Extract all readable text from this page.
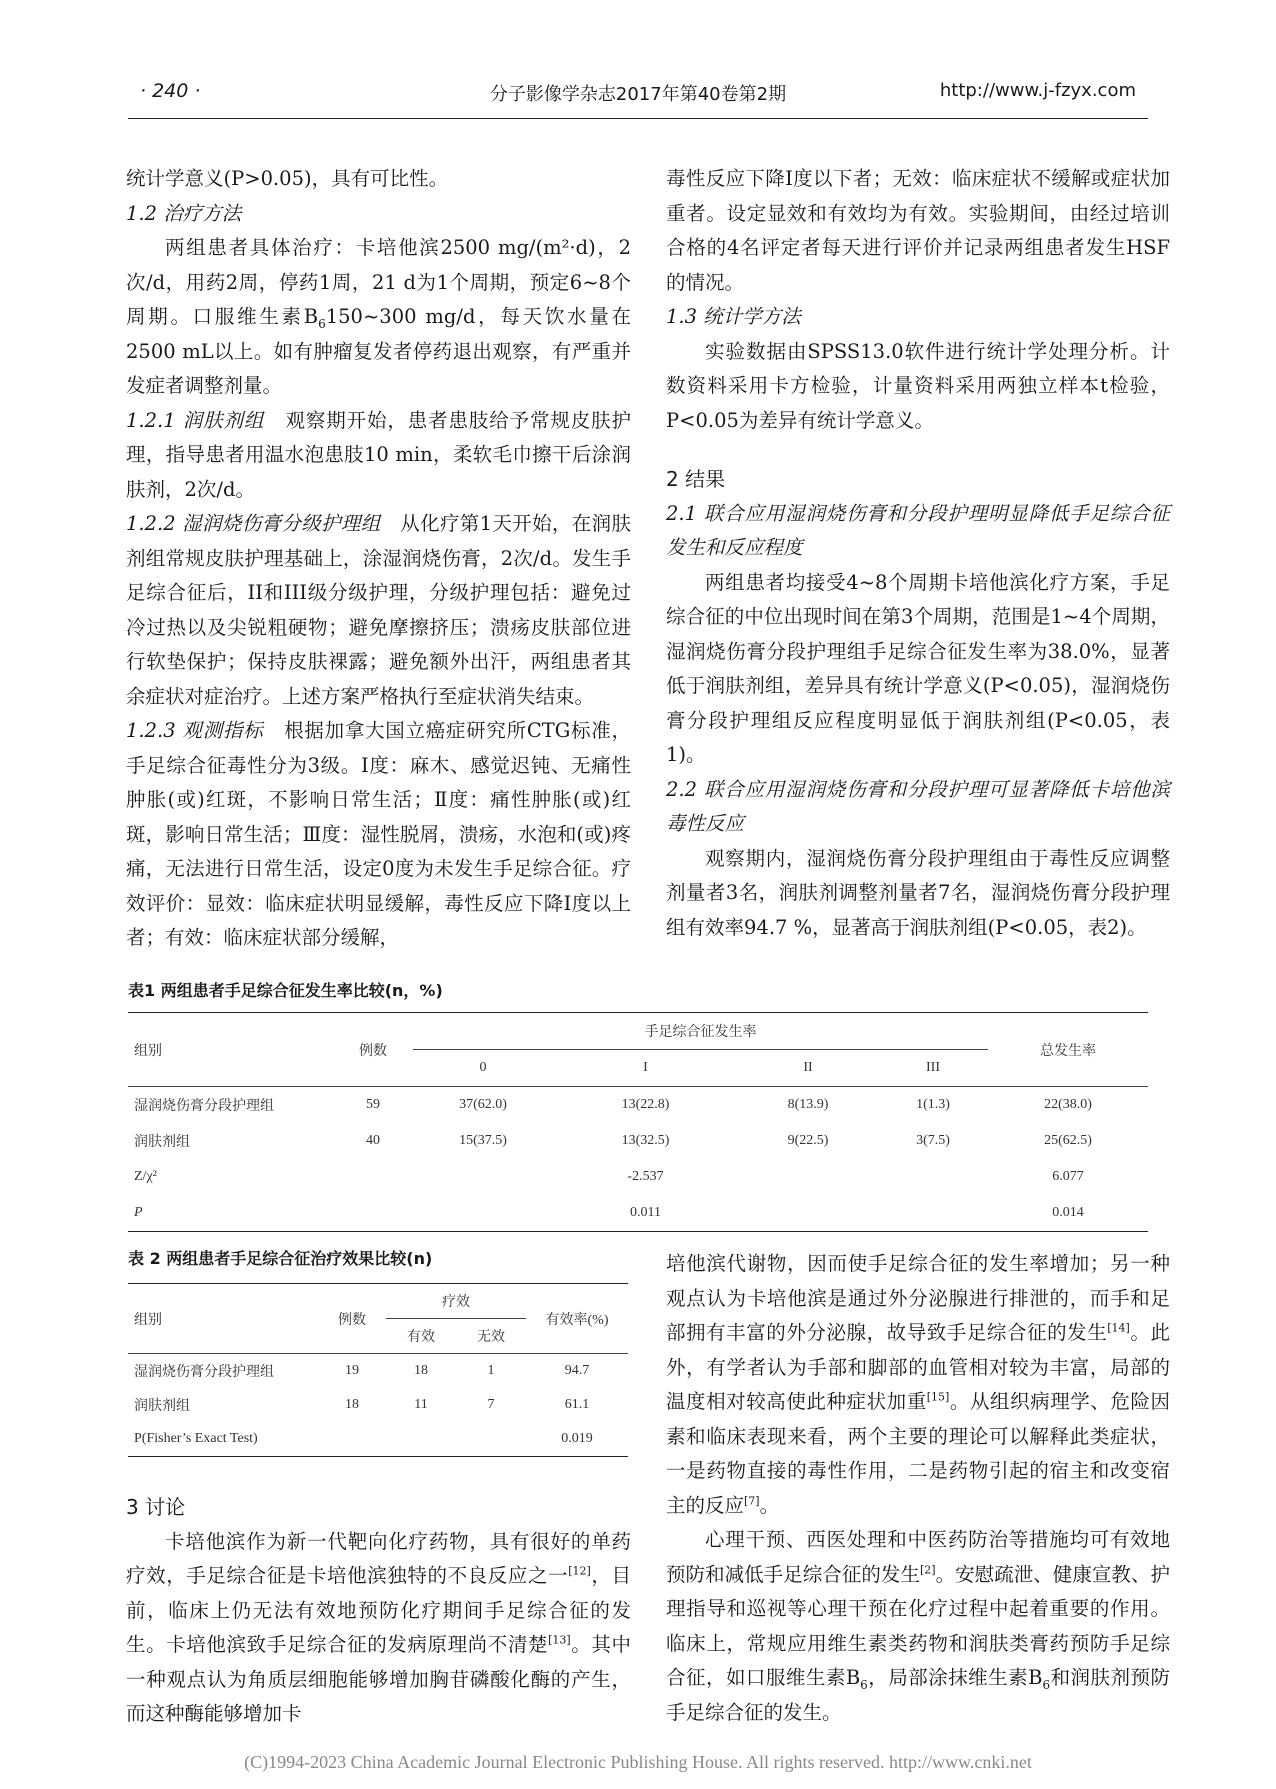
· 240 ·	分子影像学杂志2017年第40卷第2期	http://www.j-fzyx.com

统计学意义(P>0.05)，具有可比性。

1.2 治疗方法

两组患者具体治疗：卡培他滨2500 mg/(m²·d)，2次/d，用药2周，停药1周，21 d为1个周期，预定6~8个周期。口服维生素$B_6150\sim 300$ mg/d，每天饮水量在2500 mL以上。如有肿瘤复发者停药退出观察，有严重并发症者调整剂量。

1.2.1 润肤剂组 观察期开始，患者患肢给予常规皮肤护理，指导患者用温水泡患肢10 min，柔软毛巾擦干后涂润肤剂，2次/d。

1.2.2 湿润烧伤膏分级护理组 从化疗第1天开始，在润肤剂组常规皮肤护理基础上，涂湿润烧伤膏，2次/d。发生手足综合征后，II和III级分级护理，分级护理包括：避免过冷过热以及尖锐粗硬物；避免摩擦挤压；溃疡皮肤部位进行软垫保护；保持皮肤裸露；避免额外出汗，两组患者其余症状对症治疗。上述方案严格执行至症状消失结束。

1.2.3 观测指标 根据加拿大国立癌症研究所CTG标准，手足综合征毒性分为3级。Ⅰ度：麻木、感觉迟钝、无痛性肿胀(或)红斑，不影响日常生活；Ⅱ度：痛性肿胀(或)红斑，影响日常生活；Ⅲ度：湿性脱屑，溃疡，水泡和(或)疼痛，无法进行日常生活，设定0度为未发生手足综合征。疗效评价：显效：临床症状明显缓解，毒性反应下降Ⅰ度以上者；有效：临床症状部分缓解，

毒性反应下降Ⅰ度以下者；无效：临床症状不缓解或症状加重者。设定显效和有效均为有效。实验期间，由经过培训合格的4名评定者每天进行评价并记录两组患者发生HSF的情况。

1.3 统计学方法

实验数据由SPSS13.0软件进行统计学处理分析。计数资料采用卡方检验，计量资料采用两独立样本t检验，P<0.05为差异有统计学意义。

2 结果

2.1 联合应用湿润烧伤膏和分段护理明显降低手足综合征发生和反应程度

两组患者均接受4~8个周期卡培他滨化疗方案，手足综合征的中位出现时间在第3个周期，范围是1~4个周期，湿润烧伤膏分段护理组手足综合征发生率为38.0%，显著低于润肤剂组，差异具有统计学意义(P<0.05)，湿润烧伤膏分段护理组反应程度明显低于润肤剂组(P<0.05，表1)。

2.2 联合应用湿润烧伤膏和分段护理可显著降低卡培他滨毒性反应

观察期内，湿润烧伤膏分段护理组由于毒性反应调整剂量者3名，润肤剂调整剂量者7名，湿润烧伤膏分段护理组有效率94.7 %，显著高于润肤剂组(P<0.05，表2)。

表1 两组患者手足综合征发生率比较(n，%)
组别	例数	手足综合征发生率				总发生率
		0	I	II	III	
湿润烧伤膏分段护理组	59	37(62.0)	13(22.8)	8(13.9)	1(1.3)	22(38.0)
润肤剂组	40	15(37.5)	13(32.5)	9(22.5)	3(7.5)	25(62.5)
Z/χ²			-2.537			6.077
P			0.011			0.014
表 2 两组患者手足综合征治疗效果比较(n)
组别	例数	疗效		有效率(%)
		有效	无效	
湿润烧伤膏分段护理组	19	18	1	94.7
润肤剂组	18	11	7	61.1
P(Fisher’s Exact Test)				0.019

3 讨论

卡培他滨作为新一代靶向化疗药物，具有很好的单药疗效，手足综合征是卡培他滨独特的不良反应之一[12]，目前，临床上仍无法有效地预防化疗期间手足综合征的发生。卡培他滨致手足综合征的发病原理尚不清楚[13]。其中一种观点认为角质层细胞能够增加胸苷磷酸化酶的产生，而这种酶能够增加卡

培他滨代谢物，因而使手足综合征的发生率增加；另一种观点认为卡培他滨是通过外分泌腺进行排泄的，而手和足部拥有丰富的外分泌腺，故导致手足综合征的发生[14]。此外，有学者认为手部和脚部的血管相对较为丰富，局部的温度相对较高使此种症状加重[15]。从组织病理学、危险因素和临床表现来看，两个主要的理论可以解释此类症状，一是药物直接的毒性作用，二是药物引起的宿主和改变宿主的反应[7]。

心理干预、西医处理和中医药防治等措施均可有效地预防和减低手足综合征的发生[2]。安慰疏泄、健康宣教、护理指导和巡视等心理干预在化疗过程中起着重要的作用。临床上，常规应用维生素类药物和润肤类膏药预防手足综合征，如口服维生素$B_6$，局部涂抹维生素$B_6$和润肤剂预防手足综合征的发生。

(C)1994-2023 China Academic Journal Electronic Publishing House. All rights reserved. http://www.cnki.net
